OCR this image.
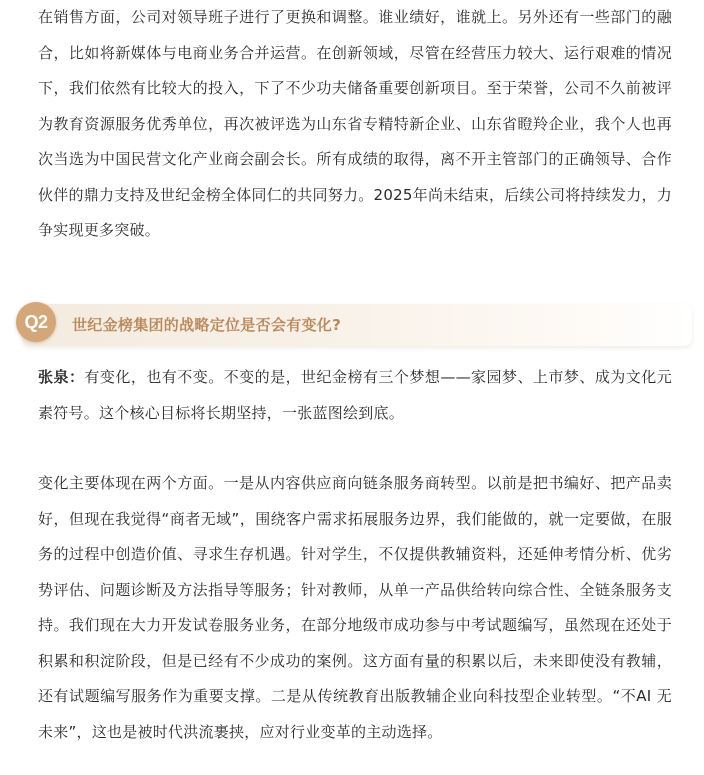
在销售方面，公司对领导班子进行了更换和调整。谁业绩好，谁就上。另外还有一些部门的融合，比如将新媒体与电商业务合并运营。在创新领域，尽管在经营压力较大、运行艰难的情况下，我们依然有比较大的投入，下了不少功夫储备重要创新项目。至于荣誉，公司不久前被评为教育资源服务优秀单位，再次被评选为山东省专精特新企业、山东省瞪羚企业，我个人也再次当选为中国民营文化产业商会副会长。所有成绩的取得，离不开主管部门的正确领导、合作伙伴的鼎力支持及世纪金榜全体同仁的共同努力。2025年尚未结束，后续公司将持续发力，力争实现更多突破。

Q2	世纪金榜集团的战略定位是否会有变化?

张泉：有变化，也有不变。不变的是，世纪金榜有三个梦想——家园梦、上市梦、成为文化元素符号。这个核心目标将长期坚持，一张蓝图绘到底。

变化主要体现在两个方面。一是从内容供应商向链条服务商转型。以前是把书编好、把产品卖好，但现在我觉得“商者无域”，围绕客户需求拓展服务边界，我们能做的，就一定要做，在服务的过程中创造价值、寻求生存机遇。针对学生，不仅提供教辅资料，还延伸考情分析、优劣势评估、问题诊断及方法指导等服务；针对教师，从单一产品供给转向综合性、全链条服务支持。我们现在大力开发试卷服务业务，在部分地级市成功参与中考试题编写，虽然现在还处于积累和积淀阶段，但是已经有不少成功的案例。这方面有量的积累以后，未来即使没有教辅，还有试题编写服务作为重要支撑。二是从传统教育出版教辅企业向科技型企业转型。“不AI 无未来”，这也是被时代洪流裹挟，应对行业变革的主动选择。
